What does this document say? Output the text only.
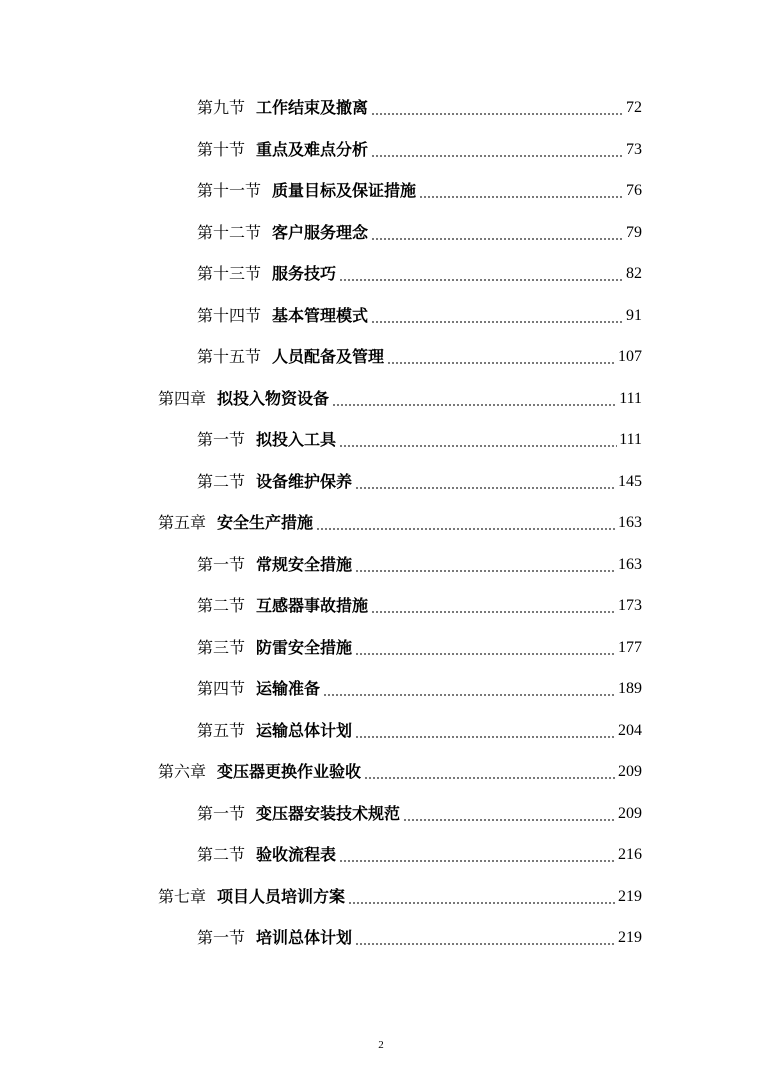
第九节 工作结束及撤离	72
第十节 重点及难点分析	73
第十一节 质量目标及保证措施	76
第十二节 客户服务理念	79
第十三节 服务技巧	82
第十四节 基本管理模式	91
第十五节 人员配备及管理	107
第四章 拟投入物资设备	111
第一节 拟投入工具	111
第二节 设备维护保养	145
第五章 安全生产措施	163
第一节 常规安全措施	163
第二节 互感器事故措施	173
第三节 防雷安全措施	177
第四节 运输准备	189
第五节 运输总体计划	204
第六章 变压器更换作业验收	209
第一节 变压器安装技术规范	209
第二节 验收流程表	216
第七章 项目人员培训方案	219
第一节 培训总体计划	219
2
